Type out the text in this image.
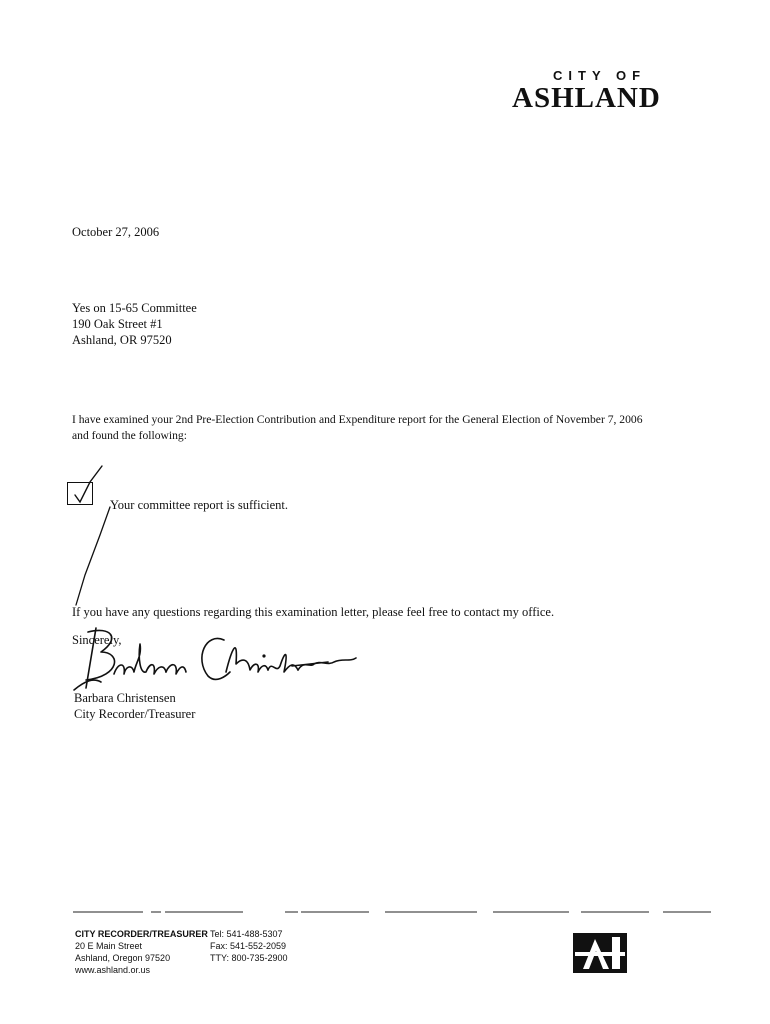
CITY OF
ASHLAND
October 27, 2006
Yes on 15-65 Committee
190 Oak Street #1
Ashland, OR 97520
I have examined your 2nd Pre-Election Contribution and Expenditure report for the General Election of November 7, 2006
and found the following:
Your committee report is sufficient.
If you have any questions regarding this examination letter, please feel free to contact my office.
Sincerely,
Barbara Christensen
City Recorder/Treasurer
CITY RECORDER/TREASURER
20 E Main Street
Ashland, Oregon 97520
www.ashland.or.us
Tel: 541-488-5307
Fax: 541-552-2059
TTY: 800-735-2900
